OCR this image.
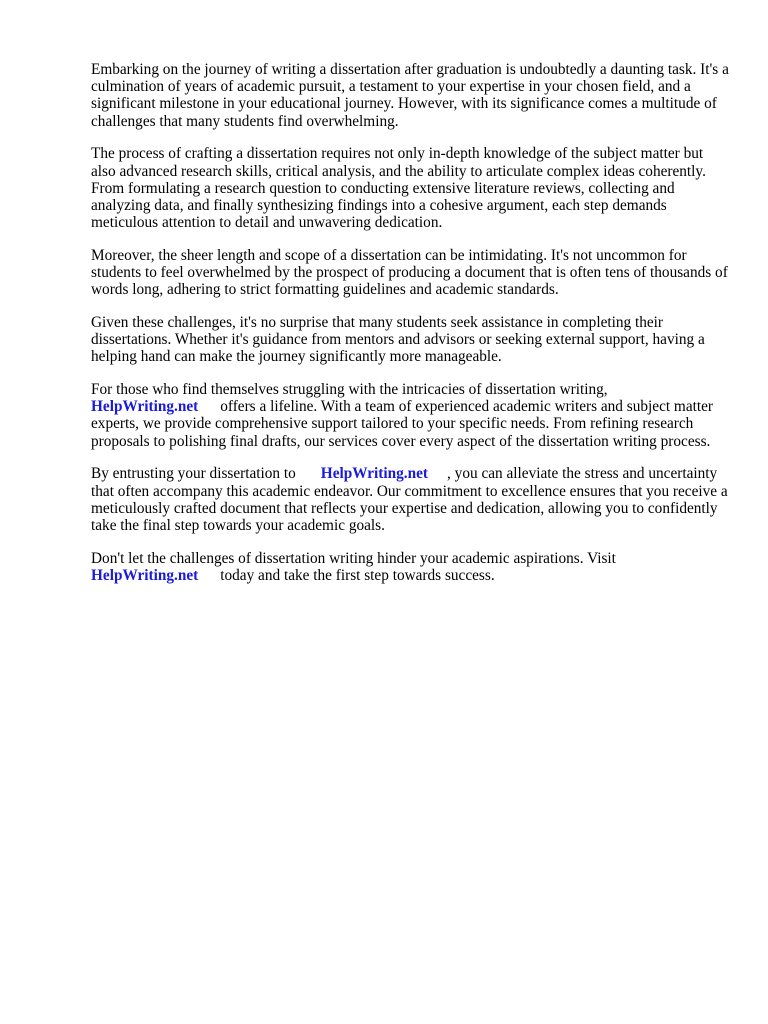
Embarking on the journey of writing a dissertation after graduation is undoubtedly a daunting task. It's a culmination of years of academic pursuit, a testament to your expertise in your chosen field, and a significant milestone in your educational journey. However, with its significance comes a multitude of challenges that many students find overwhelming.

The process of crafting a dissertation requires not only in-depth knowledge of the subject matter but also advanced research skills, critical analysis, and the ability to articulate complex ideas coherently. From formulating a research question to conducting extensive literature reviews, collecting and analyzing data, and finally synthesizing findings into a cohesive argument, each step demands meticulous attention to detail and unwavering dedication.

Moreover, the sheer length and scope of a dissertation can be intimidating. It's not uncommon for students to feel overwhelmed by the prospect of producing a document that is often tens of thousands of words long, adhering to strict formatting guidelines and academic standards.

Given these challenges, it's no surprise that many students seek assistance in completing their dissertations. Whether it's guidance from mentors and advisors or seeking external support, having a helping hand can make the journey significantly more manageable.

For those who find themselves struggling with the intricacies of dissertation writing,
HelpWriting.net offers a lifeline. With a team of experienced academic writers and subject matter experts, we provide comprehensive support tailored to your specific needs. From refining research proposals to polishing final drafts, our services cover every aspect of the dissertation writing process.

By entrusting your dissertation to HelpWriting.net , you can alleviate the stress and uncertainty that often accompany this academic endeavor. Our commitment to excellence ensures that you receive a meticulously crafted document that reflects your expertise and dedication, allowing you to confidently take the final step towards your academic goals.

Don't let the challenges of dissertation writing hinder your academic aspirations. Visit
HelpWriting.net today and take the first step towards success.
